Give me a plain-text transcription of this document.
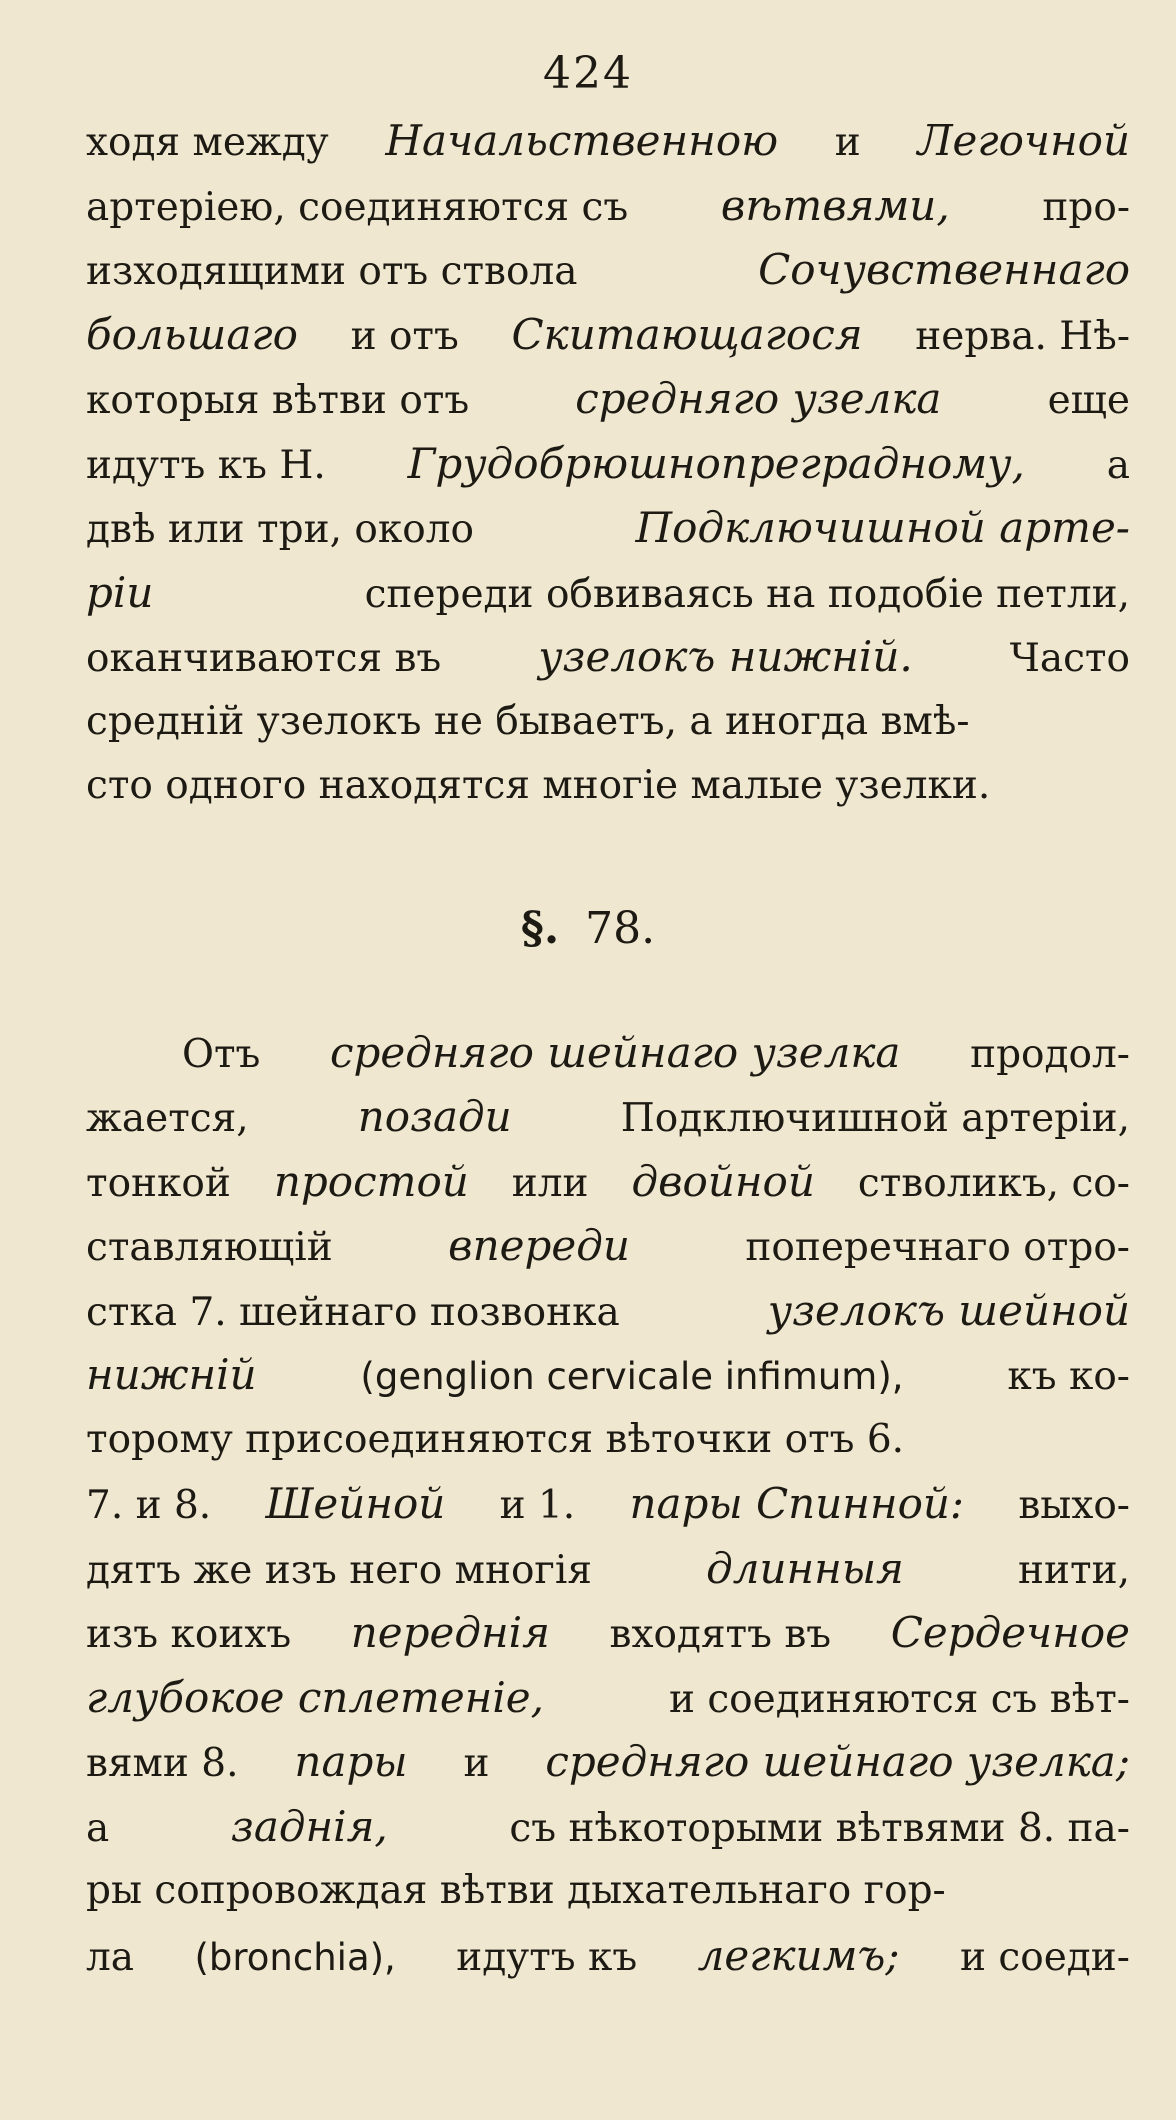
424
ходя между Начальственною и Легочной
артеріею, соединяются съ вѣтвями, про-
изходящими отъ ствола	Сочувственнаго
большаго и отъ Скитающагося нерва. Нѣ-
которыя вѣтви отъ	средняго узелка	еще
идутъ къ Н. Грудобрюшнопреградному, а
двѣ или три, около	Подключишной арте-
ріи	спереди обвиваясь на подобіе петли,
оканчиваются въ узелокъ нижній. Часто
средній узелокъ не бываетъ, а иногда вмѣ-
сто одного находятся многіе малые узелки.
§. 78.
Отъ средняго шейнаго узелка продол-
жается,	позади	Подключишной артеріи,
тонкой простой или двойной стволикъ, со-
ставляющій	впереди	поперечнаго отро-
стка 7. шейнаго позвонка	узелокъ шейной
нижній	(genglion cervicale infimum),	къ ко-
торому присоединяются вѣточки отъ 6.
7. и 8. Шейной и 1. пары Спинной: выхо-
дятъ же изъ него многія	длинныя	нити,
изъ коихъ переднія входятъ въ Сердечное
глубокое сплетеніе,	и соединяются съ вѣт-
вями 8. пары и средняго шейнаго узелка;
а	заднія,	съ нѣкоторыми вѣтвями 8. па-
ры сопровождая вѣтви дыхательнаго гор-
ла (bronchia), идутъ къ легкимъ; и соеди-
